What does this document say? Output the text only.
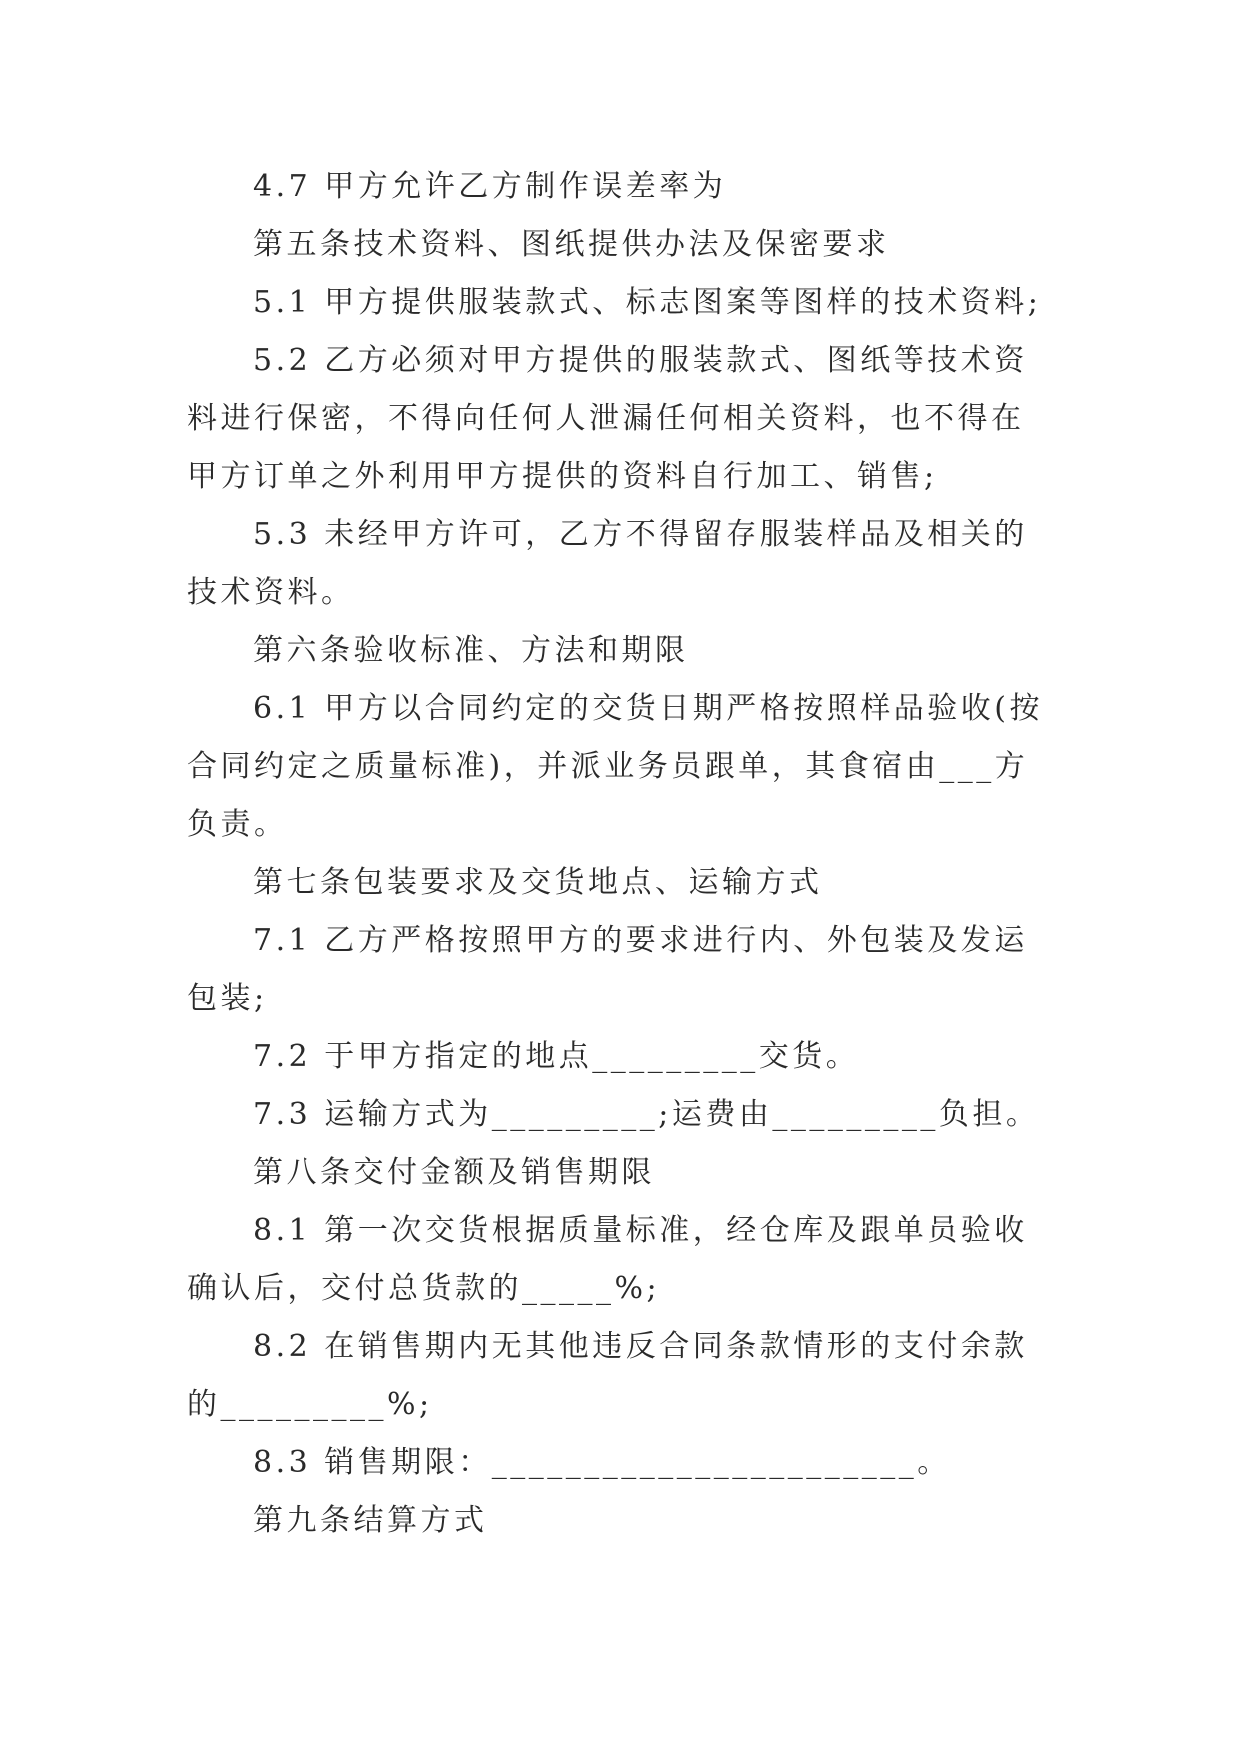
4.7 甲方允许乙方制作误差率为

第五条技术资料、图纸提供办法及保密要求

5.1 甲方提供服装款式、标志图案等图样的技术资料;

5.2 乙方必须对甲方提供的服装款式、图纸等技术资料进行保密，不得向任何人泄漏任何相关资料，也不得在甲方订单之外利用甲方提供的资料自行加工、销售;

5.3 未经甲方许可，乙方不得留存服装样品及相关的技术资料。

第六条验收标准、方法和期限

6.1 甲方以合同约定的交货日期严格按照样品验收(按合同约定之质量标准)，并派业务员跟单，其食宿由___方负责。

第七条包装要求及交货地点、运输方式

7.1 乙方严格按照甲方的要求进行内、外包装及发运包装;

7.2 于甲方指定的地点_________交货。

7.3 运输方式为_________;运费由_________负担。

第八条交付金额及销售期限

8.1 第一次交货根据质量标准，经仓库及跟单员验收确认后，交付总货款的_____%;

8.2 在销售期内无其他违反合同条款情形的支付余款的_________%;

8.3 销售期限：_______________________。

第九条结算方式
